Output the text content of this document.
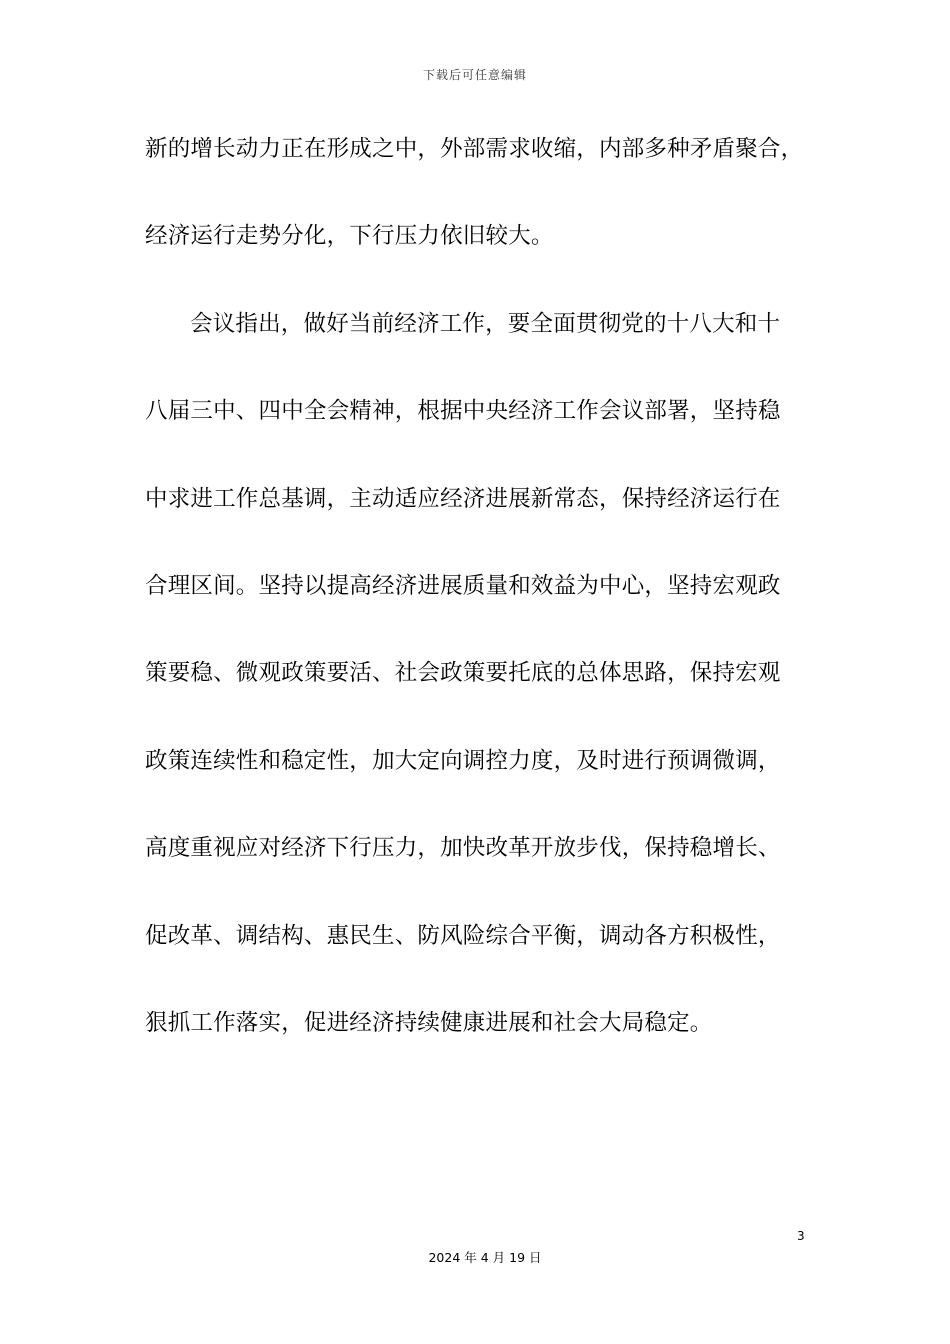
下载后可任意编辑
新的增长动力正在形成之中，外部需求收缩，内部多种矛盾聚合，
经济运行走势分化，下行压力依旧较大。
会议指出，做好当前经济工作，要全面贯彻党的十八大和十
八届三中、四中全会精神，根据中央经济工作会议部署，坚持稳
中求进工作总基调，主动适应经济进展新常态，保持经济运行在
合理区间。坚持以提高经济进展质量和效益为中心，坚持宏观政
策要稳、微观政策要活、社会政策要托底的总体思路，保持宏观
政策连续性和稳定性，加大定向调控力度，及时进行预调微调，
高度重视应对经济下行压力，加快改革开放步伐，保持稳增长、
促改革、调结构、惠民生、防风险综合平衡，调动各方积极性，
狠抓工作落实，促进经济持续健康进展和社会大局稳定。
3
2024 年 4 月 19 日
